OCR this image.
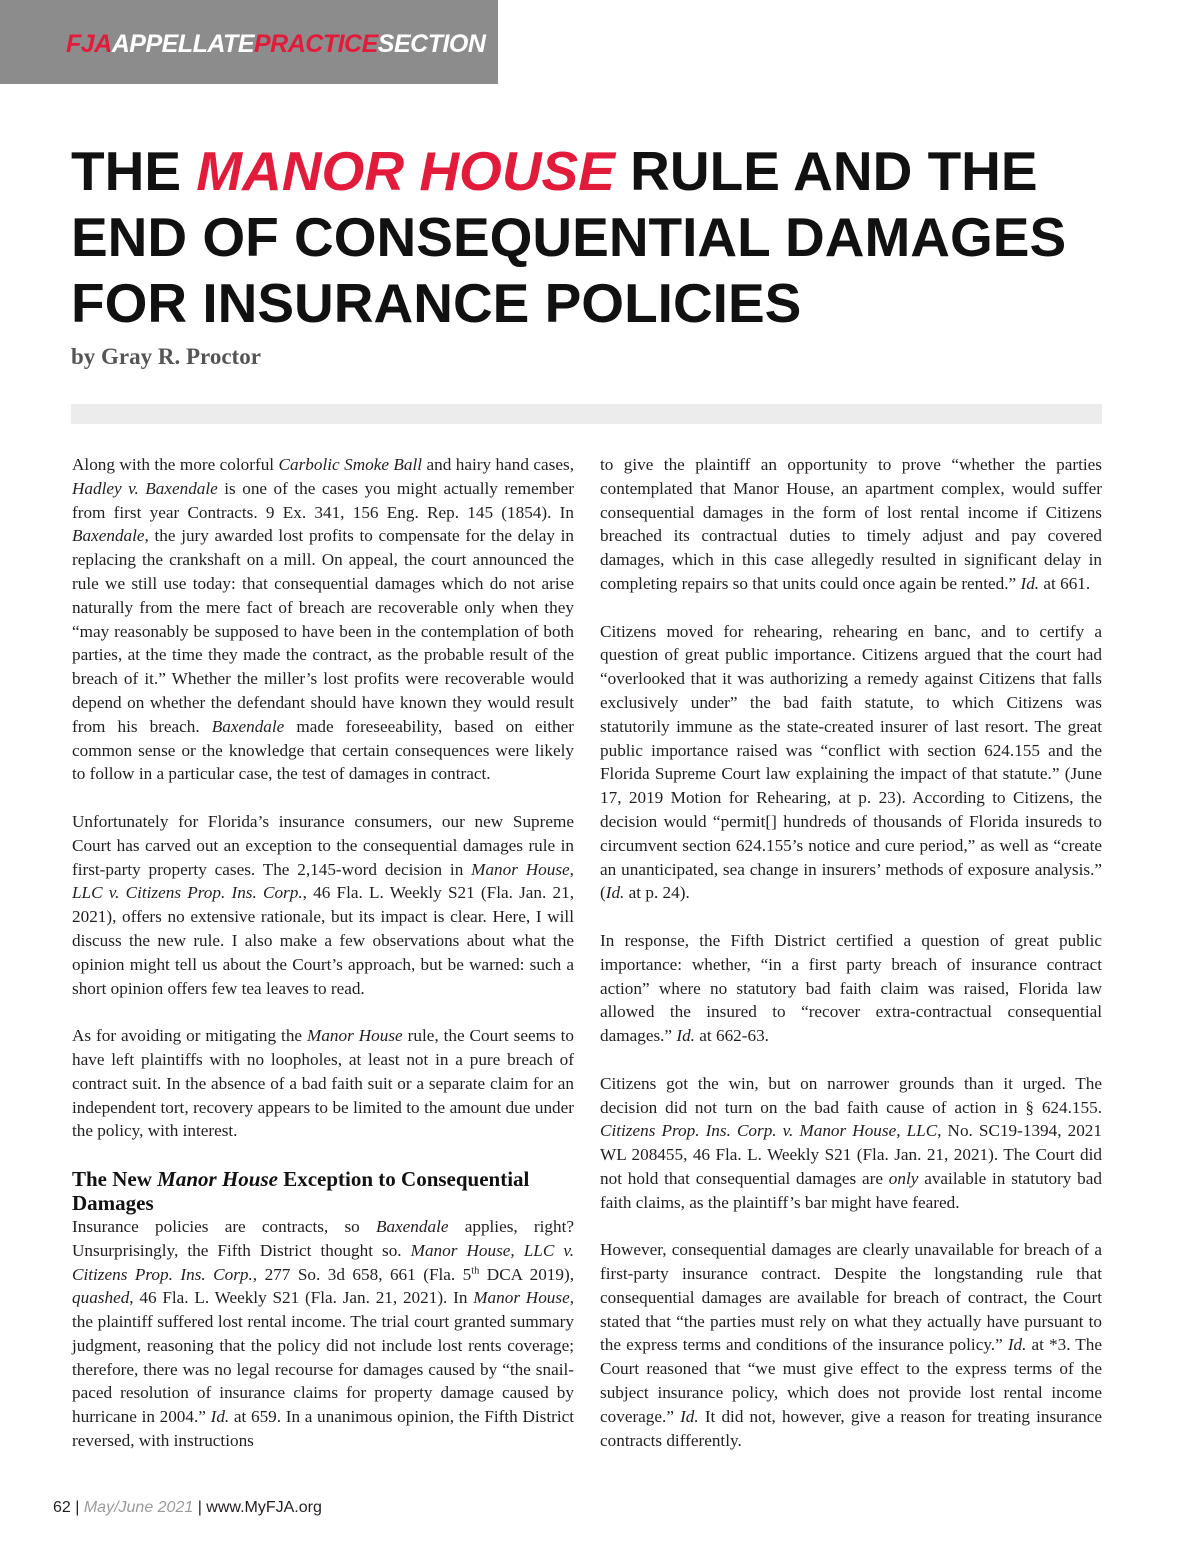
FJAAPPELLATEPRACTICESECTION
THE MANOR HOUSE RULE AND THE END OF CONSEQUENTIAL DAMAGES FOR INSURANCE POLICIES

by Gray R. Proctor

Along with the more colorful Carbolic Smoke Ball and hairy hand cases, Hadley v. Baxendale is one of the cases you might actually remember from first year Contracts. 9 Ex. 341, 156 Eng. Rep. 145 (1854). In Baxendale, the jury awarded lost profits to compensate for the delay in replacing the crankshaft on a mill. On appeal, the court announced the rule we still use today: that consequential damages which do not arise naturally from the mere fact of breach are recoverable only when they “may reasonably be supposed to have been in the contemplation of both parties, at the time they made the contract, as the probable result of the breach of it.” Whether the miller’s lost profits were recoverable would depend on whether the defendant should have known they would result from his breach. Baxendale made foreseeability, based on either common sense or the knowledge that certain consequences were likely to follow in a particular case, the test of damages in contract.

Unfortunately for Florida’s insurance consumers, our new Supreme Court has carved out an exception to the consequential damages rule in first-party property cases. The 2,145-word decision in Manor House, LLC v. Citizens Prop. Ins. Corp., 46 Fla. L. Weekly S21 (Fla. Jan. 21, 2021), offers no extensive rationale, but its impact is clear. Here, I will discuss the new rule. I also make a few observations about what the opinion might tell us about the Court’s approach, but be warned: such a short opinion offers few tea leaves to read.

As for avoiding or mitigating the Manor House rule, the Court seems to have left plaintiffs with no loopholes, at least not in a pure breach of contract suit. In the absence of a bad faith suit or a separate claim for an independent tort, recovery appears to be limited to the amount due under the policy, with interest.

The New Manor House Exception to Consequential Damages

Insurance policies are contracts, so Baxendale applies, right? Unsurprisingly, the Fifth District thought so. Manor House, LLC v. Citizens Prop. Ins. Corp., 277 So. 3d 658, 661 (Fla. 5th DCA 2019), quashed, 46 Fla. L. Weekly S21 (Fla. Jan. 21, 2021). In Manor House, the plaintiff suffered lost rental income. The trial court granted summary judgment, reasoning that the policy did not include lost rents coverage; therefore, there was no legal recourse for damages caused by “the snail-paced resolution of insurance claims for property damage caused by hurricane in 2004.” Id. at 659. In a unanimous opinion, the Fifth District reversed, with instructions

to give the plaintiff an opportunity to prove “whether the parties contemplated that Manor House, an apartment complex, would suffer consequential damages in the form of lost rental income if Citizens breached its contractual duties to timely adjust and pay covered damages, which in this case allegedly resulted in significant delay in completing repairs so that units could once again be rented.” Id. at 661.

Citizens moved for rehearing, rehearing en banc, and to certify a question of great public importance. Citizens argued that the court had “overlooked that it was authorizing a remedy against Citizens that falls exclusively under” the bad faith statute, to which Citizens was statutorily immune as the state-created insurer of last resort. The great public importance raised was “conflict with section 624.155 and the Florida Supreme Court law explaining the impact of that statute.” (June 17, 2019 Motion for Rehearing, at p. 23). According to Citizens, the decision would “permit[] hundreds of thousands of Florida insureds to circumvent section 624.155’s notice and cure period,” as well as “create an unanticipated, sea change in insurers’ methods of exposure analysis.” (Id. at p. 24).

In response, the Fifth District certified a question of great public importance: whether, “in a first party breach of insurance contract action” where no statutory bad faith claim was raised, Florida law allowed the insured to “recover extra-contractual consequential damages.” Id. at 662-63.

Citizens got the win, but on narrower grounds than it urged. The decision did not turn on the bad faith cause of action in § 624.155. Citizens Prop. Ins. Corp. v. Manor House, LLC, No. SC19-1394, 2021 WL 208455, 46 Fla. L. Weekly S21 (Fla. Jan. 21, 2021). The Court did not hold that consequential damages are only available in statutory bad faith claims, as the plaintiff’s bar might have feared.

However, consequential damages are clearly unavailable for breach of a first-party insurance contract. Despite the longstanding rule that consequential damages are available for breach of contract, the Court stated that “the parties must rely on what they actually have pursuant to the express terms and conditions of the insurance policy.” Id. at *3. The Court reasoned that “we must give effect to the express terms of the subject insurance policy, which does not provide lost rental income coverage.” Id. It did not, however, give a reason for treating insurance contracts differently.

62 | May/June 2021 | www.MyFJA.org
